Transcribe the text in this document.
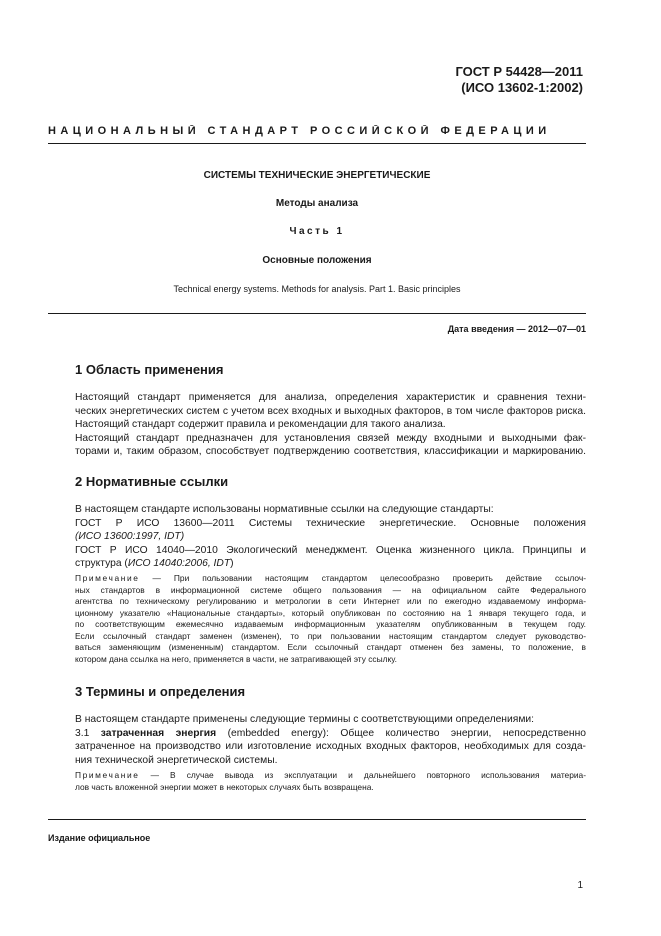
ГОСТ Р 54428—2011
(ИСО 13602-1:2002)
НАЦИОНАЛЬНЫЙ СТАНДАРТ РОССИЙСКОЙ ФЕДЕРАЦИИ
СИСТЕМЫ ТЕХНИЧЕСКИЕ ЭНЕРГЕТИЧЕСКИЕ
Методы анализа
Часть 1
Основные положения
Technical energy systems. Methods for analysis. Part 1. Basic principles
Дата введения — 2012—07—01
1 Область применения
Настоящий стандарт применяется для анализа, определения характеристик и сравнения техни-
ческих энергетических систем с учетом всех входных и выходных факторов, в том числе факторов риска.
Настоящий стандарт содержит правила и рекомендации для такого анализа.
Настоящий стандарт предназначен для установления связей между входными и выходными фак-
торами и, таким образом, способствует подтверждению соответствия, классификации и маркированию.
2 Нормативные ссылки
В настоящем стандарте использованы нормативные ссылки на следующие стандарты:
ГОСТ Р ИСО 13600—2011 Системы технические энергетические. Основные положения
(ИСО 13600:1997, IDT)
ГОСТ Р ИСО 14040—2010 Экологический менеджмент. Оценка жизненного цикла. Принципы и
структура (ИСО 14040:2006, IDT)
Примечание — При пользовании настоящим стандартом целесообразно проверить действие ссылоч-
ных стандартов в информационной системе общего пользования — на официальном сайте Федерального
агентства по техническому регулированию и метрологии в сети Интернет или по ежегодно издаваемому информа-
ционному указателю «Национальные стандарты», который опубликован по состоянию на 1 января текущего года, и
по соответствующим ежемесячно издаваемым информационным указателям опубликованным в текущем году.
Если ссылочный стандарт заменен (изменен), то при пользовании настоящим стандартом следует руководство-
ваться заменяющим (измененным) стандартом. Если ссылочный стандарт отменен без замены, то положение, в
котором дана ссылка на него, применяется в части, не затрагивающей эту ссылку.
3 Термины и определения
В настоящем стандарте применены следующие термины с соответствующими определениями:
3.1 затраченная энергия (embedded energy): Общее количество энергии, непосредственно
затраченное на производство или изготовление исходных входных факторов, необходимых для созда-
ния технической энергетической системы.
Примечание — В случае вывода из эксплуатации и дальнейшего повторного использования материа-
лов часть вложенной энергии может в некоторых случаях быть возвращена.
Издание официальное
1
